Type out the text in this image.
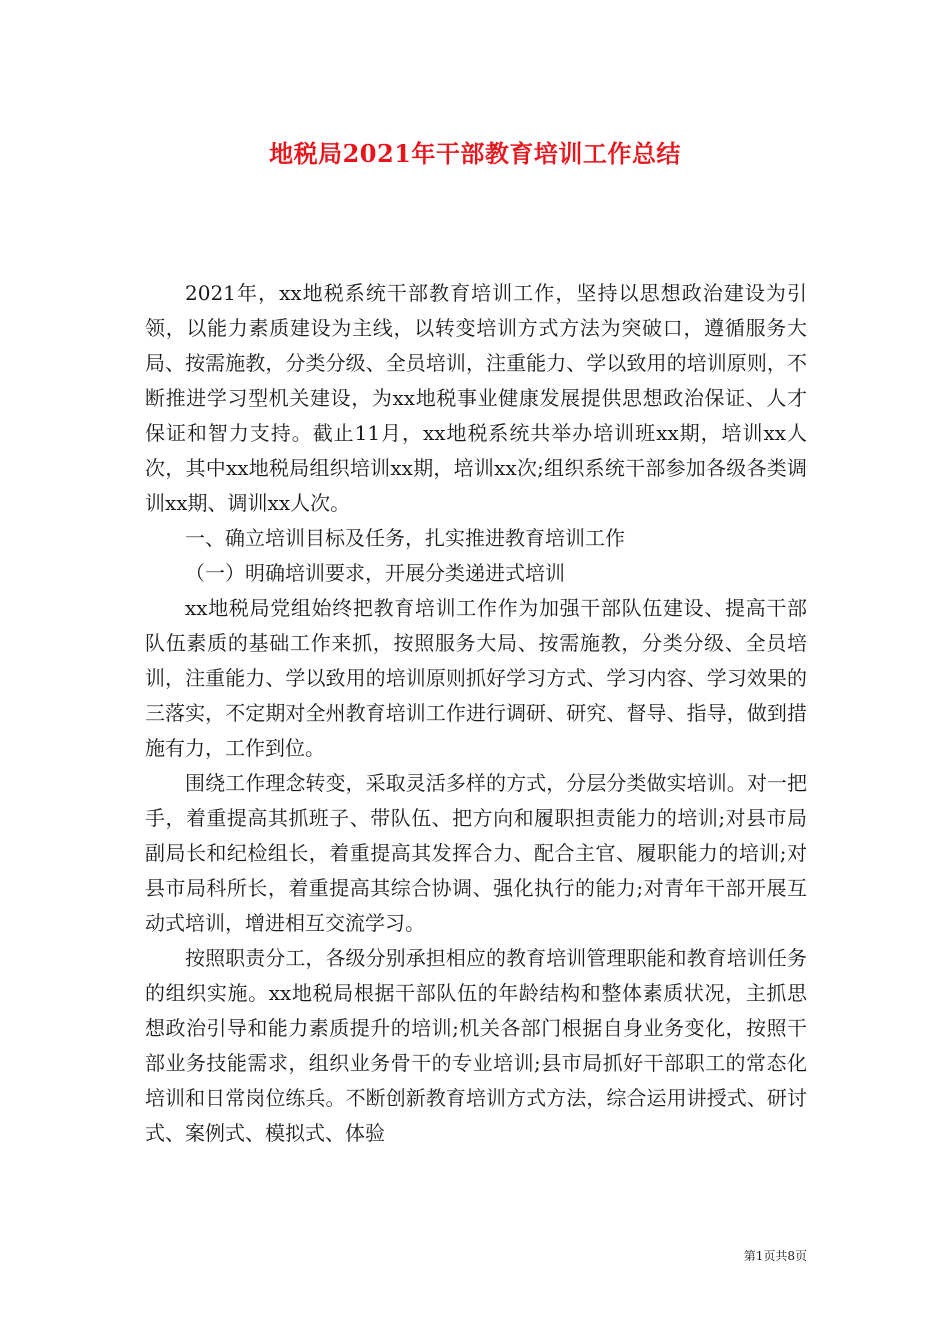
地税局2021年干部教育培训工作总结

2021年，xx地税系统干部教育培训工作，坚持以思想政治建设为引领，以能力素质建设为主线，以转变培训方式方法为突破口，遵循服务大局、按需施教，分类分级、全员培训，注重能力、学以致用的培训原则，不断推进学习型机关建设，为xx地税事业健康发展提供思想政治保证、人才保证和智力支持。截止11月，xx地税系统共举办培训班xx期，培训xx人次，其中xx地税局组织培训xx期，培训xx次;组织系统干部参加各级各类调训xx期、调训xx人次。

一、确立培训目标及任务，扎实推进教育培训工作

（一）明确培训要求，开展分类递进式培训

xx地税局党组始终把教育培训工作作为加强干部队伍建设、提高干部队伍素质的基础工作来抓，按照服务大局、按需施教，分类分级、全员培训，注重能力、学以致用的培训原则抓好学习方式、学习内容、学习效果的三落实，不定期对全州教育培训工作进行调研、研究、督导、指导，做到措施有力，工作到位。

围绕工作理念转变，采取灵活多样的方式，分层分类做实培训。对一把手，着重提高其抓班子、带队伍、把方向和履职担责能力的培训;对县市局副局长和纪检组长，着重提高其发挥合力、配合主官、履职能力的培训;对县市局科所长，着重提高其综合协调、强化执行的能力;对青年干部开展互动式培训，增进相互交流学习。

按照职责分工，各级分别承担相应的教育培训管理职能和教育培训任务的组织实施。xx地税局根据干部队伍的年龄结构和整体素质状况，主抓思想政治引导和能力素质提升的培训;机关各部门根据自身业务变化，按照干部业务技能需求，组织业务骨干的专业培训;县市局抓好干部职工的常态化培训和日常岗位练兵。不断创新教育培训方式方法，综合运用讲授式、研讨式、案例式、模拟式、体验

第1页共8页
